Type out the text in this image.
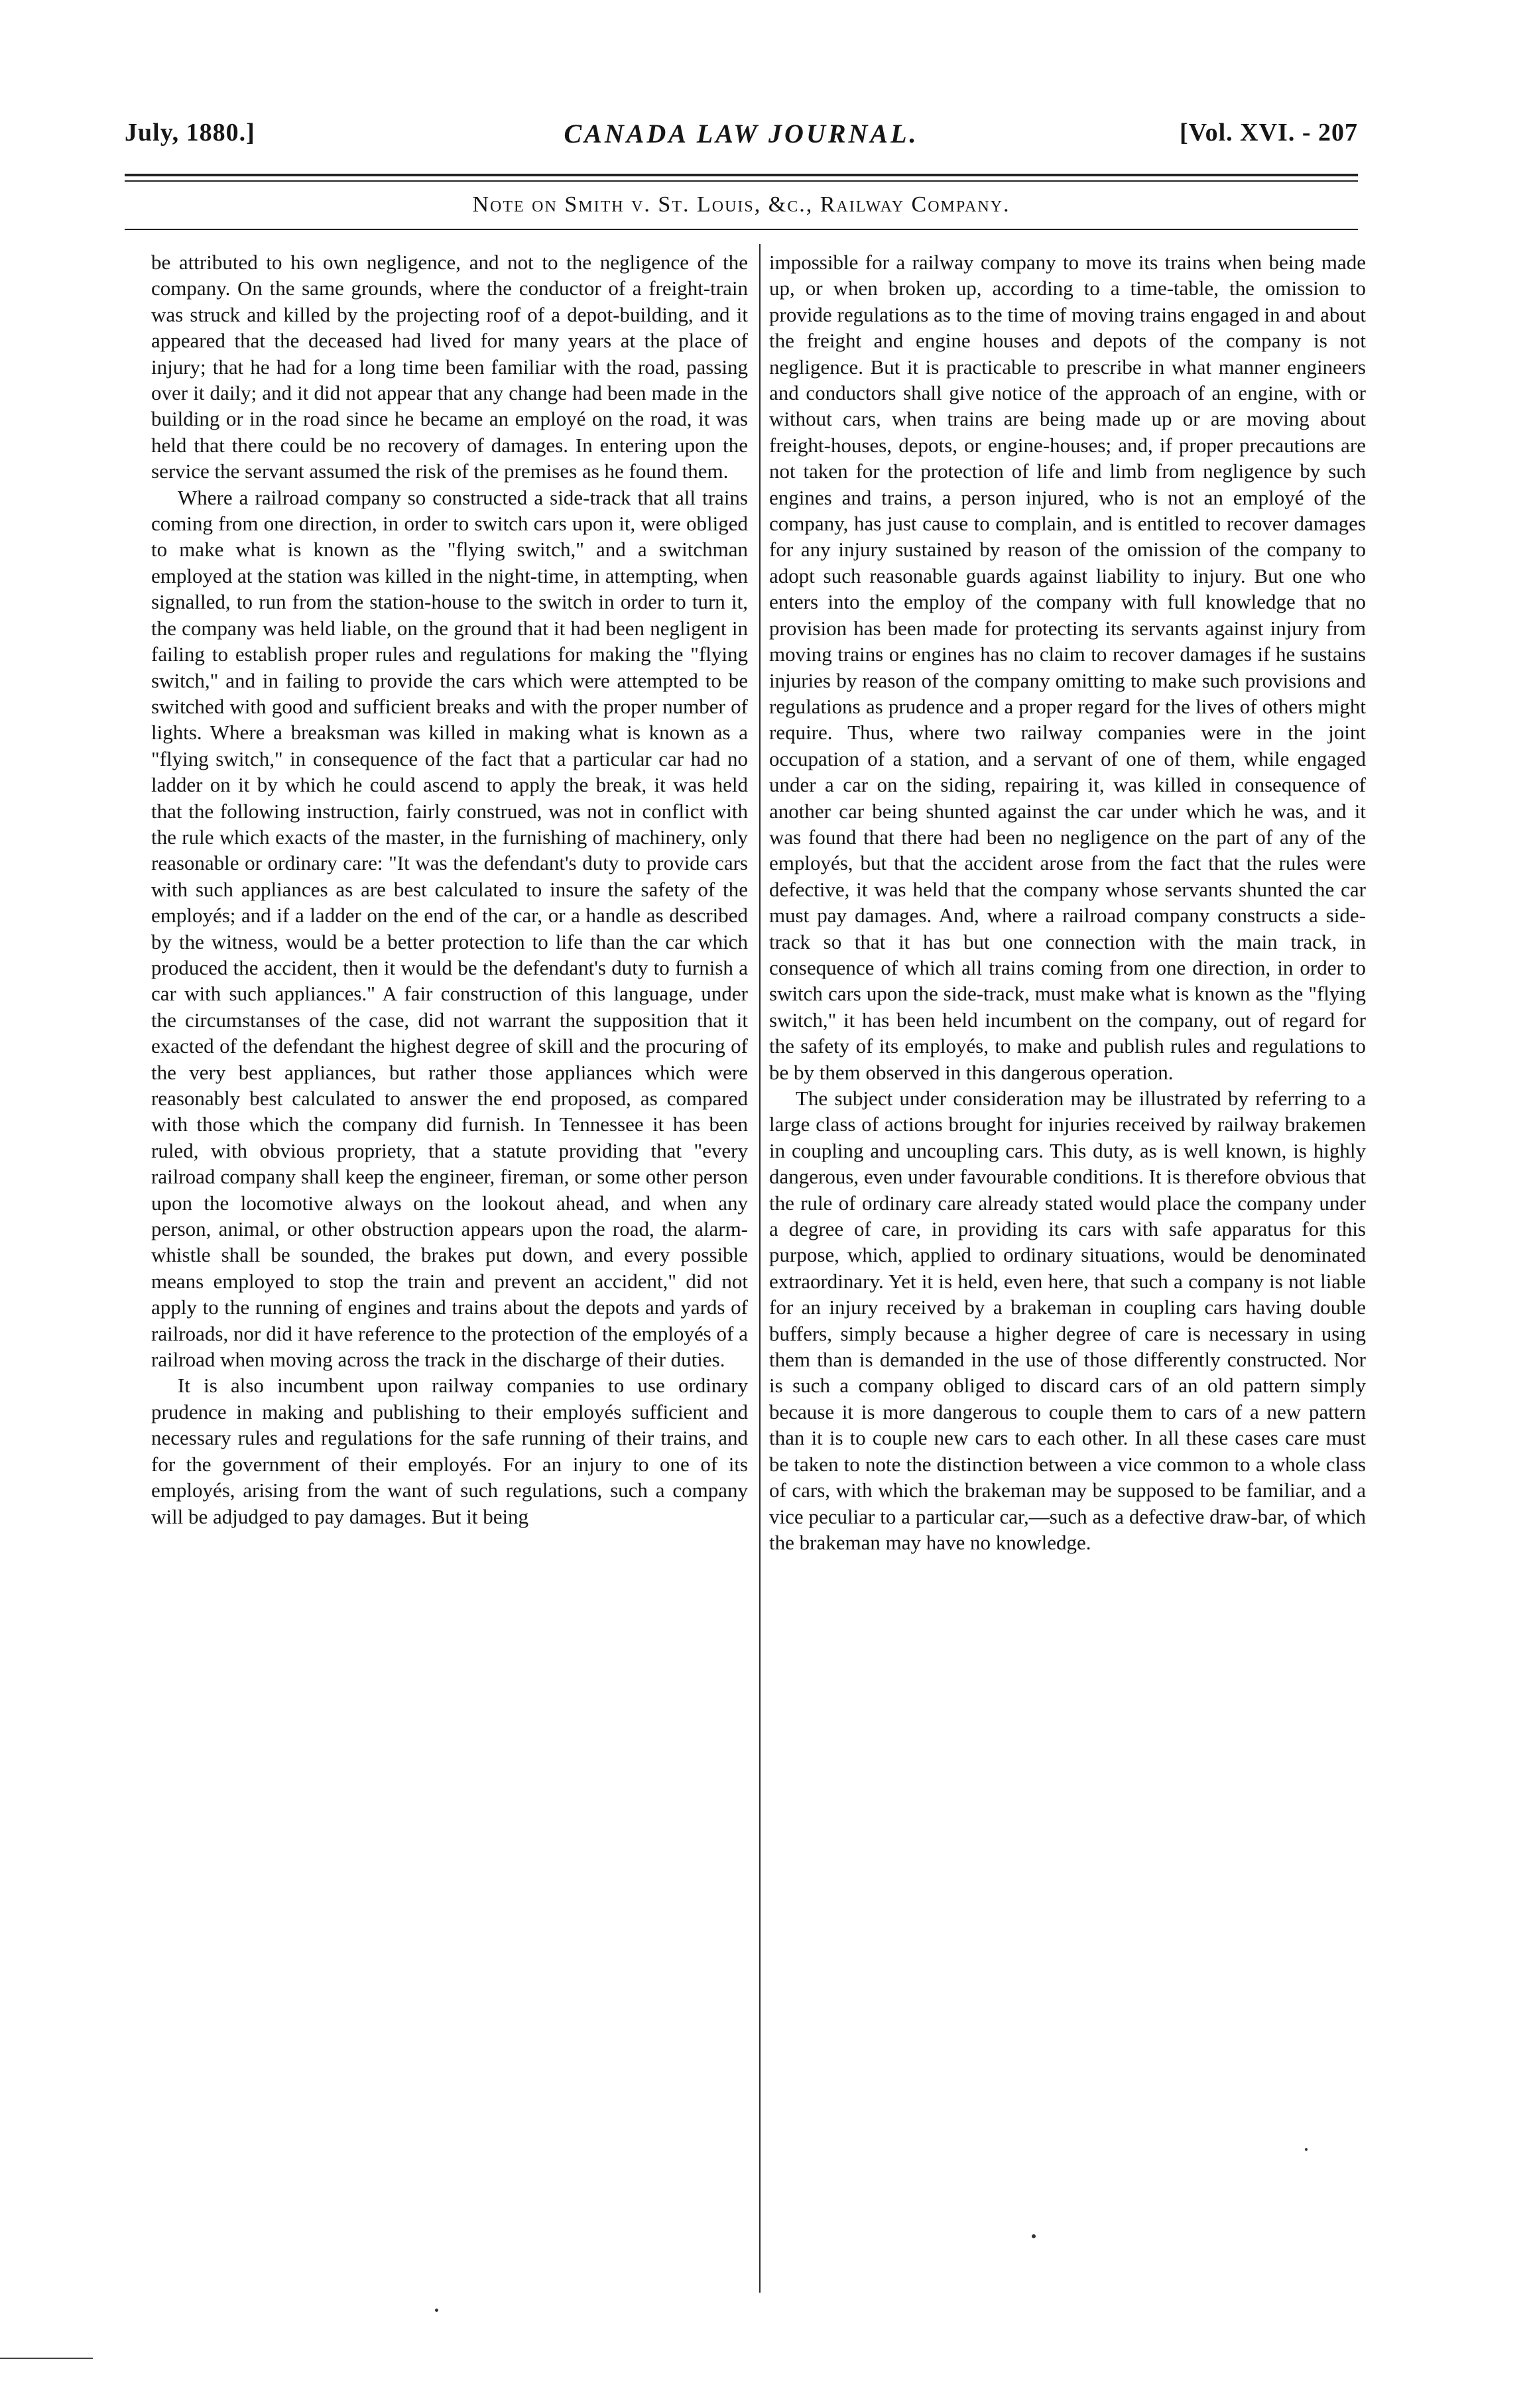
July, 1880.]	CANADA LAW JOURNAL.	[Vol. XVI. - 207
Note on Smith v. St. Louis, &c., Railway Company.

be attributed to his own negligence, and not to the negligence of the company. On the same grounds, where the conductor of a freight-train was struck and killed by the projecting roof of a depot-building, and it appeared that the deceased had lived for many years at the place of injury; that he had for a long time been familiar with the road, passing over it daily; and it did not appear that any change had been made in the building or in the road since he became an employé on the road, it was held that there could be no recovery of damages. In entering upon the service the servant assumed the risk of the premises as he found them.

Where a railroad company so constructed a side-track that all trains coming from one direction, in order to switch cars upon it, were obliged to make what is known as the "flying switch," and a switchman employed at the station was killed in the night-time, in attempting, when signalled, to run from the station-house to the switch in order to turn it, the company was held liable, on the ground that it had been negligent in failing to establish proper rules and regulations for making the "flying switch," and in failing to provide the cars which were attempted to be switched with good and sufficient breaks and with the proper number of lights. Where a breaksman was killed in making what is known as a "flying switch," in consequence of the fact that a particular car had no ladder on it by which he could ascend to apply the break, it was held that the following instruction, fairly construed, was not in conflict with the rule which exacts of the master, in the furnishing of machinery, only reasonable or ordinary care: "It was the defendant's duty to provide cars with such appliances as are best calculated to insure the safety of the employés; and if a ladder on the end of the car, or a handle as described by the witness, would be a better protection to life than the car which produced the accident, then it would be the defendant's duty to furnish a car with such appliances." A fair construction of this language, under the circumstanses of the case, did not warrant the supposition that it exacted of the defendant the highest degree of skill and the procuring of the very best appliances, but rather those appliances which were reasonably best calculated to answer the end proposed, as compared with those which the company did furnish. In Tennessee it has been ruled, with obvious propriety, that a statute providing that "every railroad company shall keep the engineer, fireman, or some other person upon the locomotive always on the lookout ahead, and when any person, animal, or other obstruction appears upon the road, the alarm-whistle shall be sounded, the brakes put down, and every possible means employed to stop the train and prevent an accident," did not apply to the running of engines and trains about the depots and yards of railroads, nor did it have reference to the protection of the employés of a railroad when moving across the track in the discharge of their duties.

It is also incumbent upon railway companies to use ordinary prudence in making and publishing to their employés sufficient and necessary rules and regulations for the safe running of their trains, and for the government of their employés. For an injury to one of its employés, arising from the want of such regulations, such a company will be adjudged to pay damages. But it being

impossible for a railway company to move its trains when being made up, or when broken up, according to a time-table, the omission to provide regulations as to the time of moving trains engaged in and about the freight and engine houses and depots of the company is not negligence. But it is practicable to prescribe in what manner engineers and conductors shall give notice of the approach of an engine, with or without cars, when trains are being made up or are moving about freight-houses, depots, or engine-houses; and, if proper precautions are not taken for the protection of life and limb from negligence by such engines and trains, a person injured, who is not an employé of the company, has just cause to complain, and is entitled to recover damages for any injury sustained by reason of the omission of the company to adopt such reasonable guards against liability to injury. But one who enters into the employ of the company with full knowledge that no provision has been made for protecting its servants against injury from moving trains or engines has no claim to recover damages if he sustains injuries by reason of the company omitting to make such provisions and regulations as prudence and a proper regard for the lives of others might require. Thus, where two railway companies were in the joint occupation of a station, and a servant of one of them, while engaged under a car on the siding, repairing it, was killed in consequence of another car being shunted against the car under which he was, and it was found that there had been no negligence on the part of any of the employés, but that the accident arose from the fact that the rules were defective, it was held that the company whose servants shunted the car must pay damages. And, where a railroad company constructs a side-track so that it has but one connection with the main track, in consequence of which all trains coming from one direction, in order to switch cars upon the side-track, must make what is known as the "flying switch," it has been held incumbent on the company, out of regard for the safety of its employés, to make and publish rules and regulations to be by them observed in this dangerous operation.

The subject under consideration may be illustrated by referring to a large class of actions brought for injuries received by railway brakemen in coupling and uncoupling cars. This duty, as is well known, is highly dangerous, even under favourable conditions. It is therefore obvious that the rule of ordinary care already stated would place the company under a degree of care, in providing its cars with safe apparatus for this purpose, which, applied to ordinary situations, would be denominated extraordinary. Yet it is held, even here, that such a company is not liable for an injury received by a brakeman in coupling cars having double buffers, simply because a higher degree of care is necessary in using them than is demanded in the use of those differently constructed. Nor is such a company obliged to discard cars of an old pattern simply because it is more dangerous to couple them to cars of a new pattern than it is to couple new cars to each other. In all these cases care must be taken to note the distinction between a vice common to a whole class of cars, with which the brakeman may be supposed to be familiar, and a vice peculiar to a particular car,—such as a defective draw-bar, of which the brakeman may have no knowledge.
